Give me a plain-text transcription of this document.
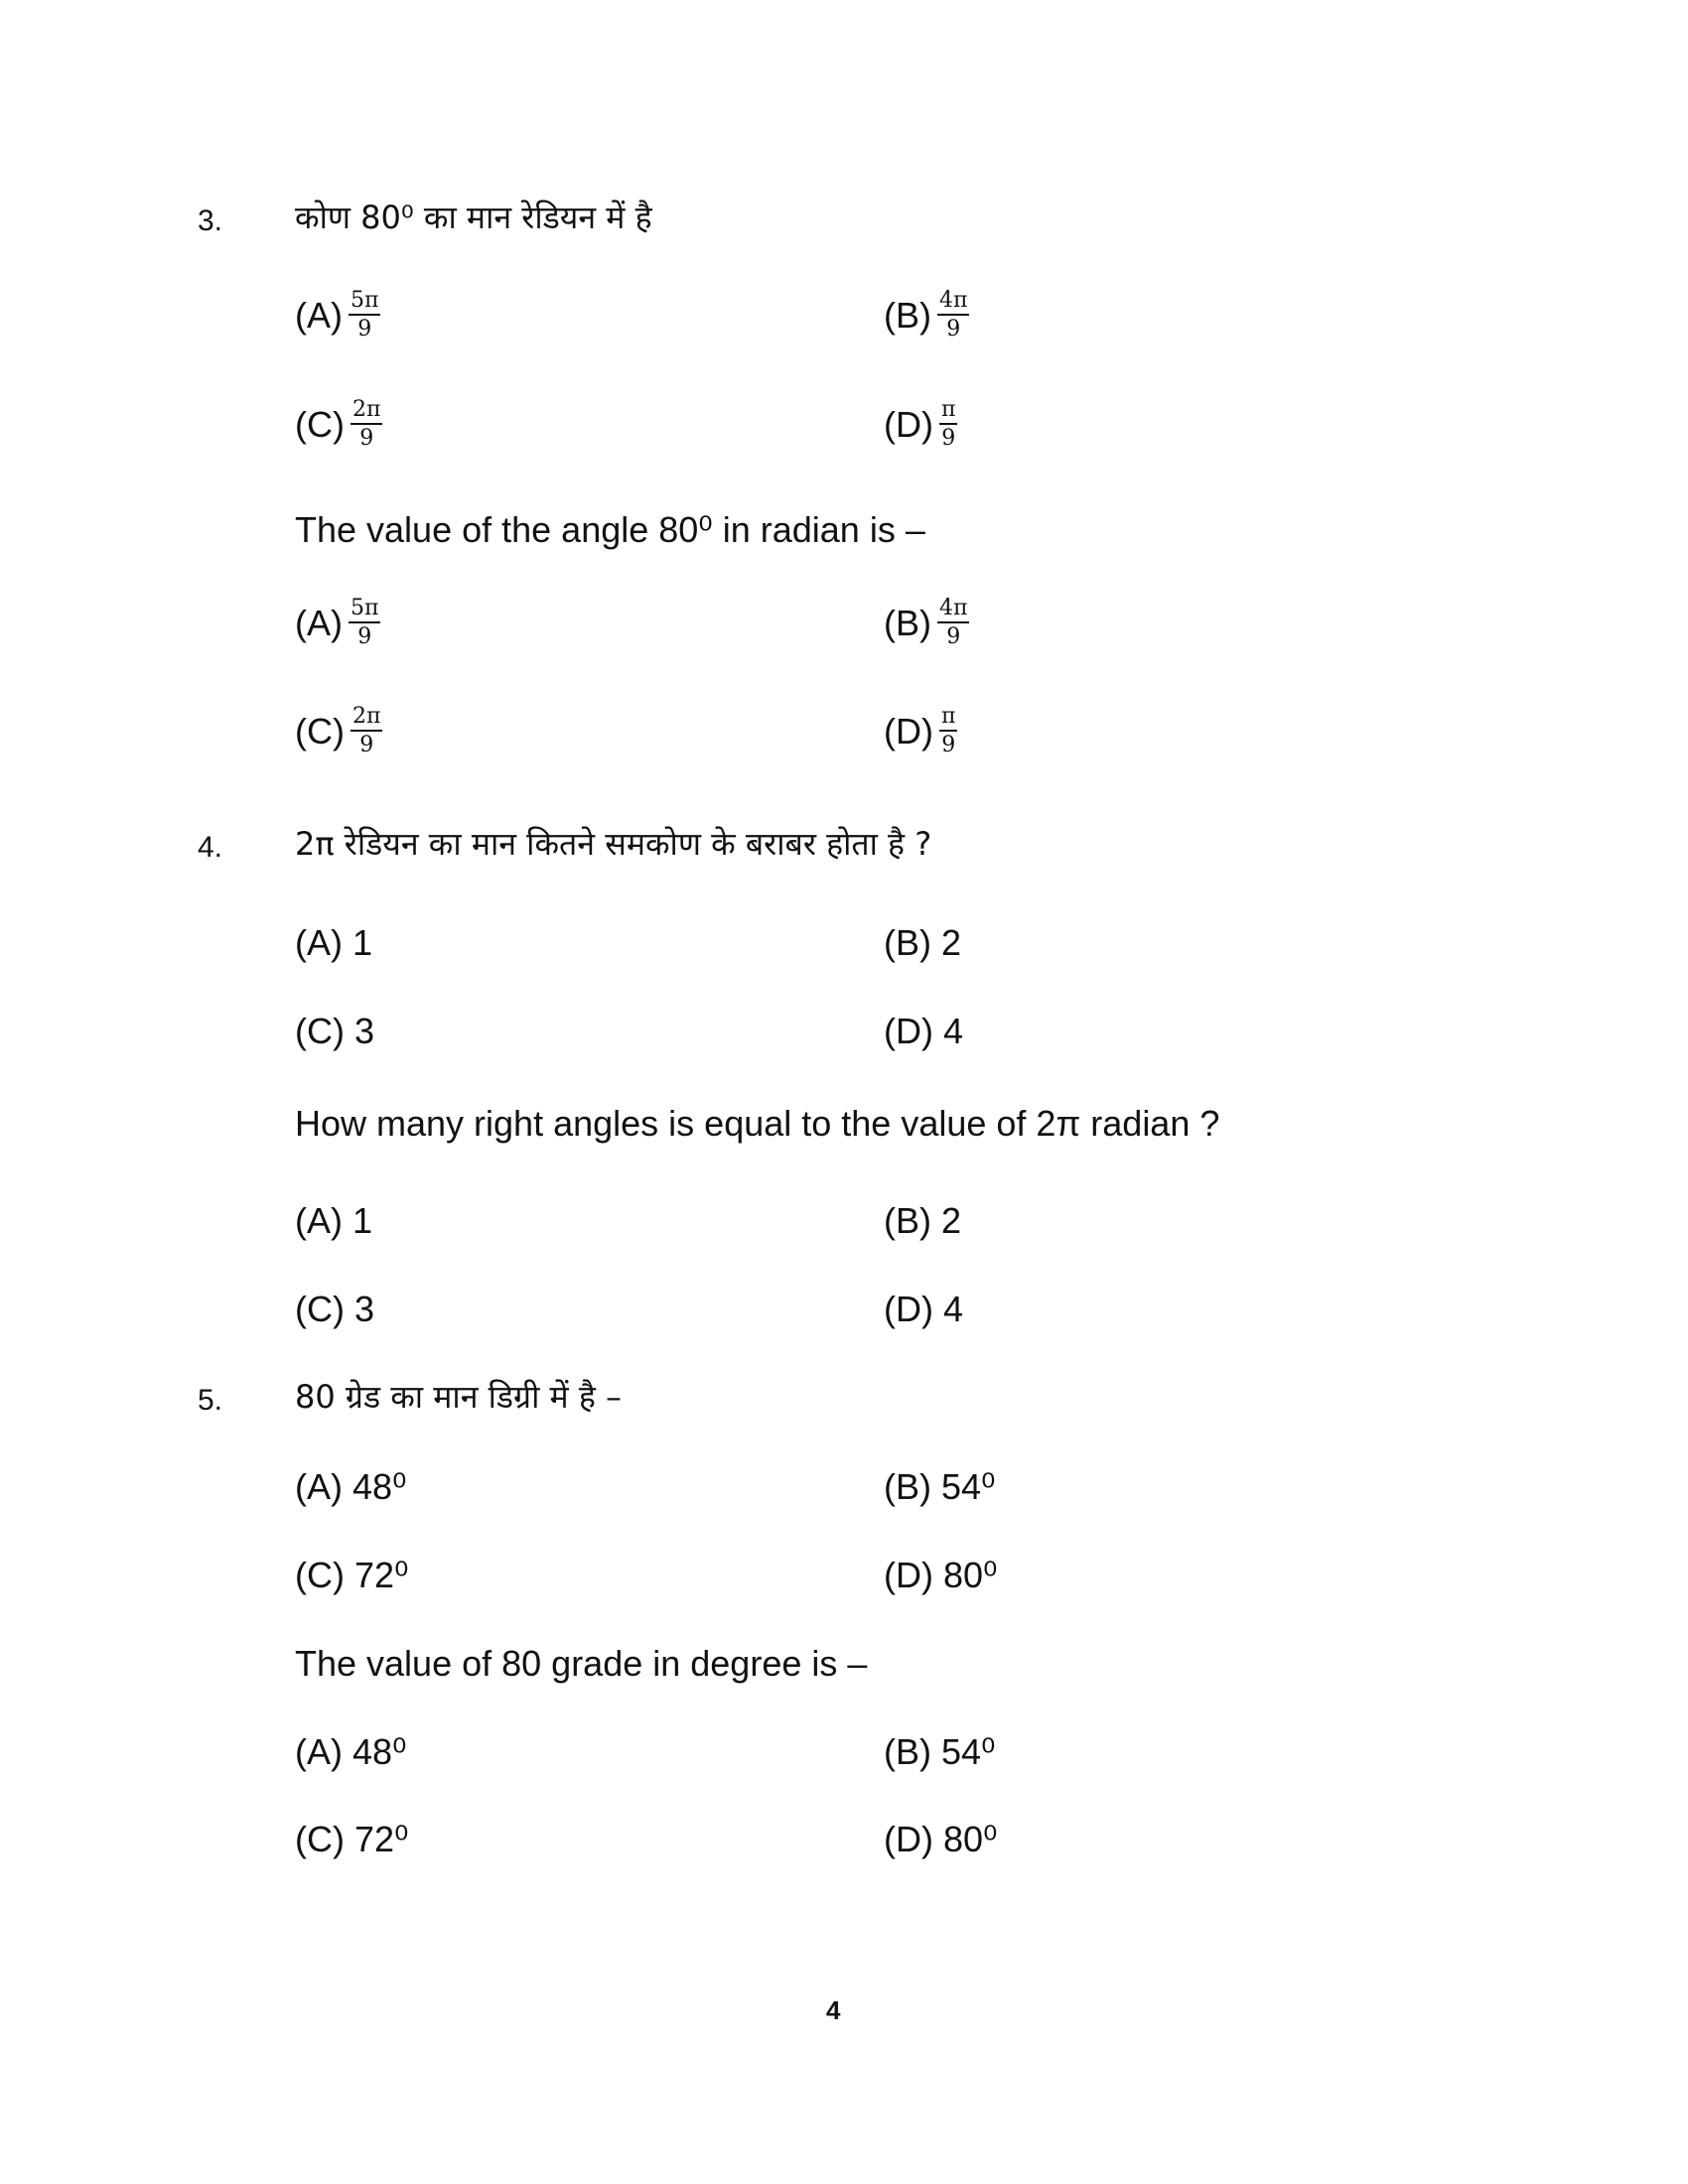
3. कोण 80⁰ का मान रेडियन में है
$(A) \frac{5\pi}{9}$	$(B) \frac{4\pi}{9}$
$(C) \frac{2\pi}{9}$	$(D) \frac{\pi}{9}$
The value of the angle 80⁰ in radian is –
$(A) \frac{5\pi}{9}$	$(B) \frac{4\pi}{9}$
$(C) \frac{2\pi}{9}$	$(D) \frac{\pi}{9}$
4. 2π रेडियन का मान कितने समकोण के बराबर होता है ?
(A) 1	(B) 2
(C) 3	(D) 4
How many right angles is equal to the value of 2π radian ?
(A) 1	(B) 2
(C) 3	(D) 4
5. 80 ग्रेड का मान डिग्री में है –
(A) 48⁰	(B) 54⁰
(C) 72⁰	(D) 80⁰
The value of 80 grade in degree is –
(A) 48⁰	(B) 54⁰
(C) 72⁰	(D) 80⁰
4
